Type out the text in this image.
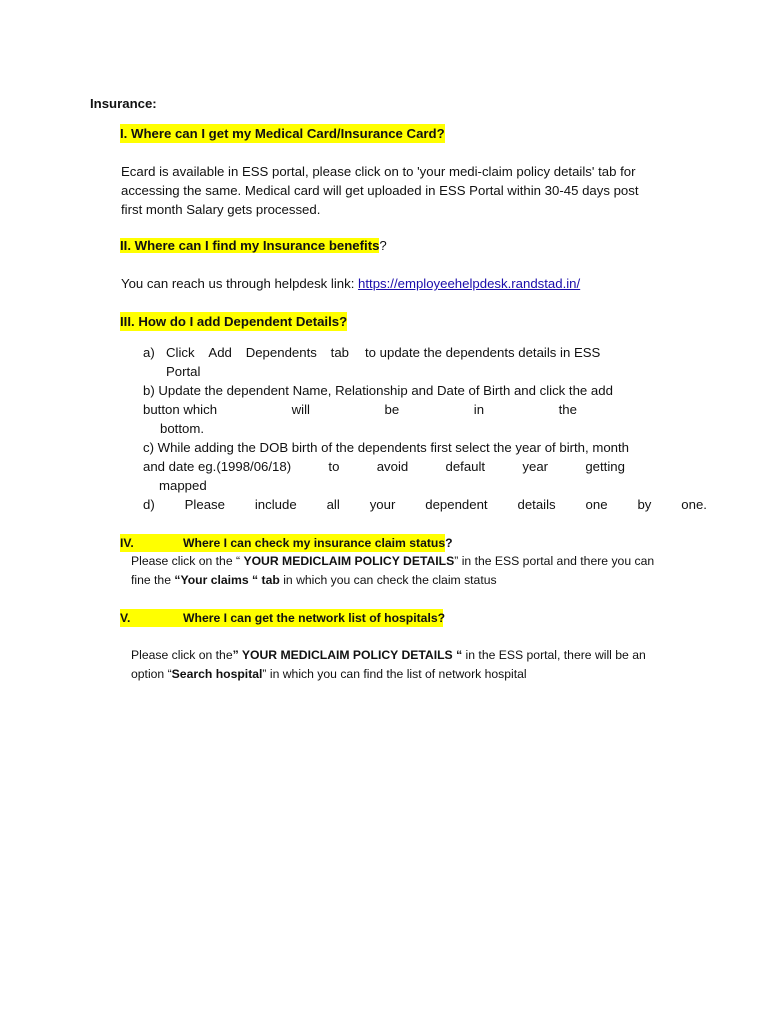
Insurance:
I. Where can I get my Medical Card/Insurance Card?
Ecard is available in ESS portal, please click on to 'your medi-claim policy details' tab for
accessing the same. Medical card will get uploaded in ESS Portal within 30-45 days post
first month Salary gets processed.
II. Where can I find my Insurance benefits?
You can reach us through helpdesk link: https://employeehelpdesk.randstad.in/
III. How do I add Dependent Details?
a) Click Add Dependents tab to update the dependents details in ESS
Portal
b) Update the dependent Name, Relationship and Date of Birth and click the add
button which	will	be	in	the
bottom.
c) While adding the DOB birth of the dependents first select the year of birth, month
and date eg.(1998/06/18)	to	avoid	default	year	getting
mapped
d) Please include all your dependent details one by one.
IV.	Where I can check my insurance claim status?
Please click on the “ YOUR MEDICLAIM POLICY DETAILS” in the ESS portal and there you can
fine the “Your claims “ tab in which you can check the claim status
V.	Where I can get the network list of hospitals?
Please click on the” YOUR MEDICLAIM POLICY DETAILS “ in the ESS portal, there will be an
option “Search hospital” in which you can find the list of network hospital
